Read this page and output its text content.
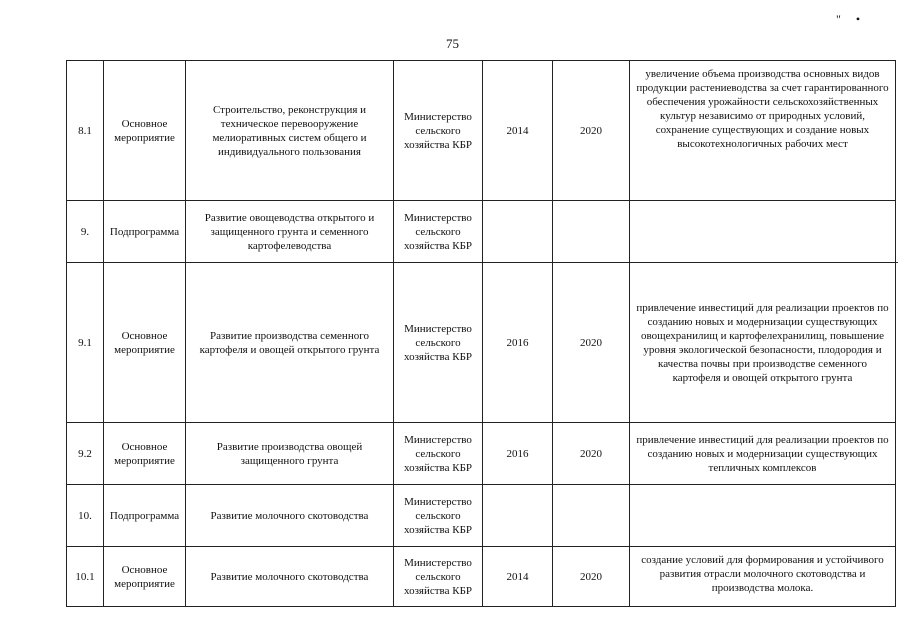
75
" •
8.1	Основное мероприятие	Строительство, реконструкция и техническое перевооружение мелиоративных систем общего и индивидуального пользования	Министерство сельского хозяйства КБР	2014	2020	увеличение объема производства основных видов продукции растениеводства за счет гарантированного обеспечения урожайности сельскохозяйственных культур независимо от природных условий, сохранение существующих и создание новых высокотехнологичных рабочих мест
9.	Подпрограмма	Развитие овощеводства открытого и защищенного грунта и семенного картофелеводства	Министерство сельского хозяйства КБР			
9.1	Основное мероприятие	Развитие производства семенного картофеля и овощей открытого грунта	Министерство сельского хозяйства КБР	2016	2020	привлечение инвестиций для реализации проектов по созданию новых и модернизации существующих овощехранилищ и картофелехранилищ, повышение уровня экологической безопасности, плодородия и качества почвы при производстве семенного картофеля и овощей открытого грунта
9.2	Основное мероприятие	Развитие производства овощей защищенного грунта	Министерство сельского хозяйства КБР	2016	2020	привлечение инвестиций для реализации проектов по созданию новых и модернизации существующих тепличных комплексов
10.	Подпрограмма	Развитие молочного скотоводства	Министерство сельского хозяйства КБР			
10.1	Основное мероприятие	Развитие молочного скотоводства	Министерство сельского хозяйства КБР	2014	2020	создание условий для формирования и устойчивого развития отрасли молочного скотоводства и производства молока.
